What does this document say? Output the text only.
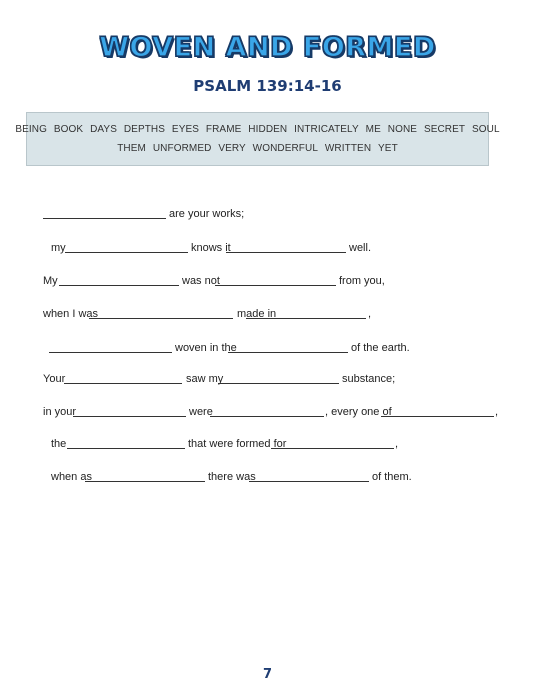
WOVEN AND FORMED
PSALM 139:14-16
BEING BOOK DAYS DEPTHS EYES FRAME HIDDEN INTRICATELY ME NONE SECRET SOUL
THEM UNFORMED VERY WONDERFUL WRITTEN YET
are your works;
my	knows it	well.
My	was not	from you,
when I was	made in	,
woven in the	of the earth.
Your	saw my	substance;
in your	were	, every one of	,
the	that were formed for	,
when as	there was	of them.
7
